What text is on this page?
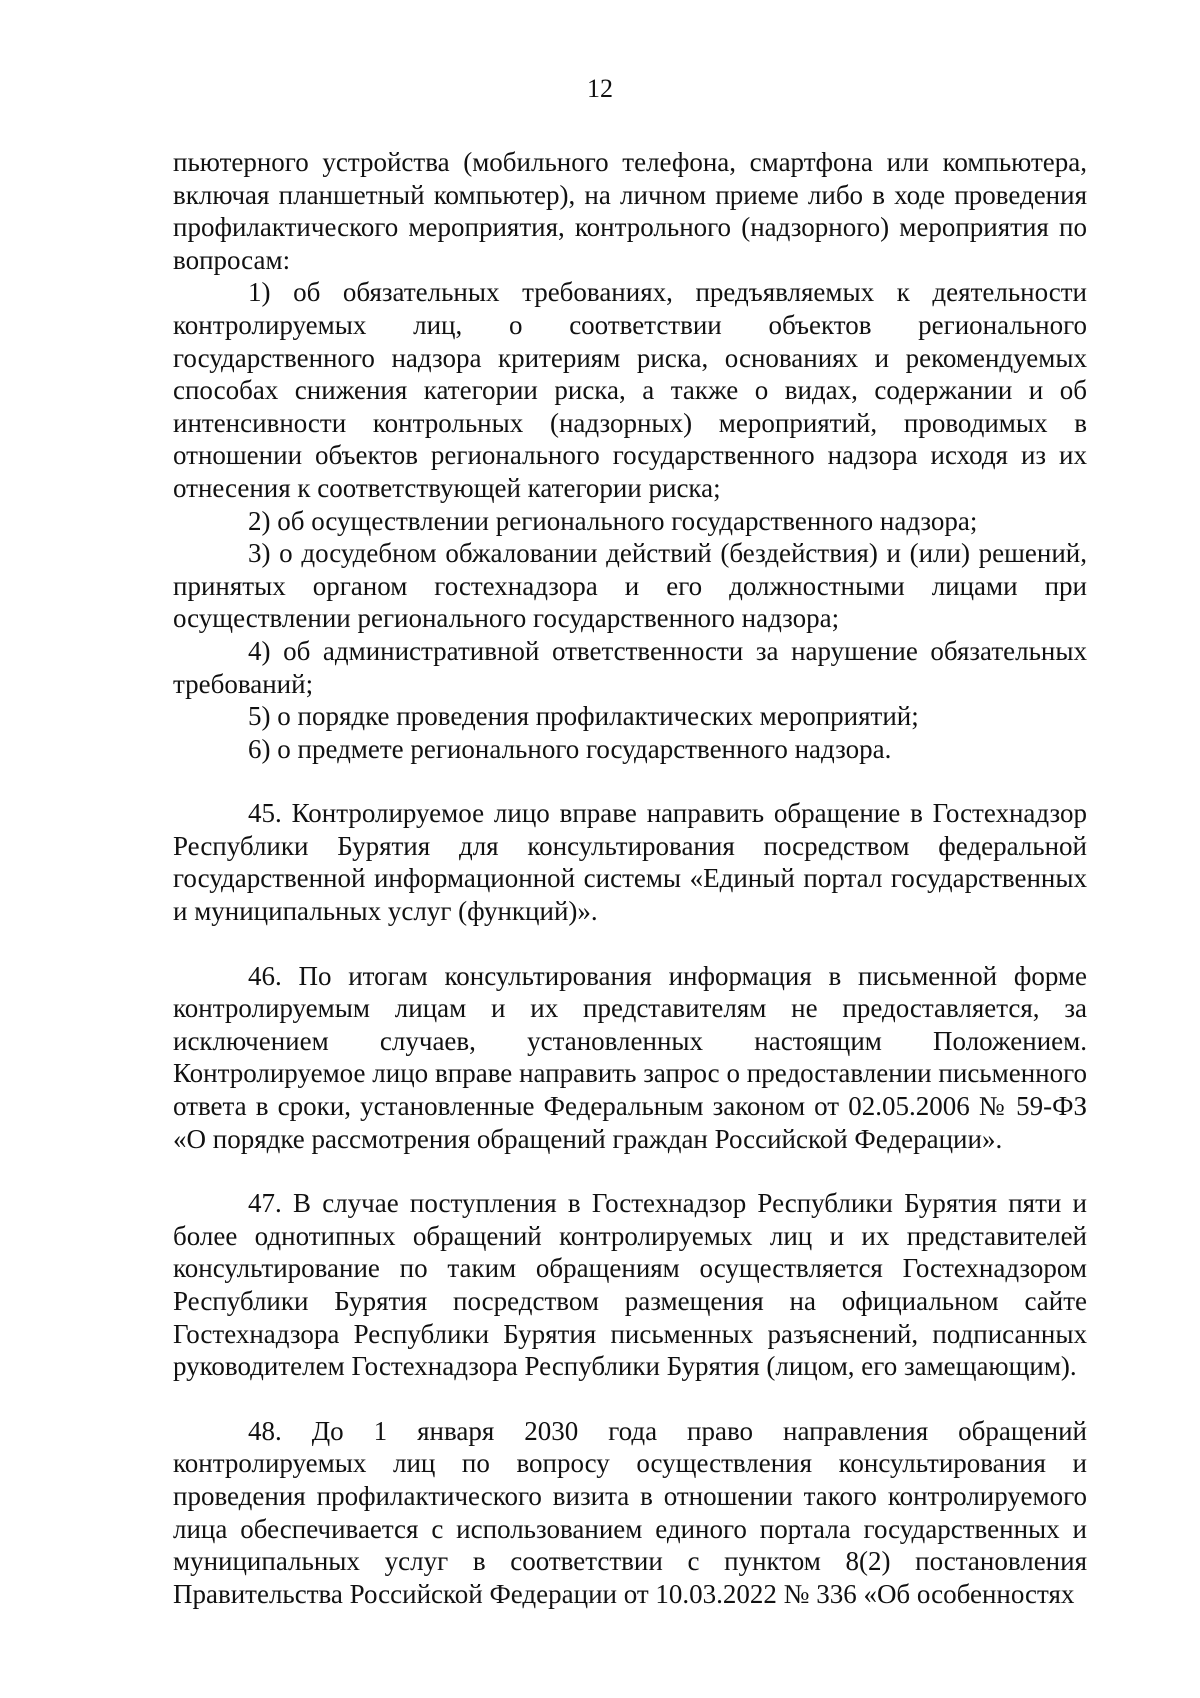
12

пьютерного устройства (мобильного телефона, смартфона или компьютера, включая планшетный компьютер), на личном приеме либо в ходе проведения профилактического мероприятия, контрольного (надзорного) мероприятия по вопросам:

1) об обязательных требованиях, предъявляемых к деятельности контролируемых лиц, о соответствии объектов регионального государственного надзора критериям риска, основаниях и рекомендуемых способах снижения категории риска, а также о видах, содержании и об интенсивности контрольных (надзорных) мероприятий, проводимых в отношении объектов регионального государственного надзора исходя из их отнесения к соответствующей категории риска;

2) об осуществлении регионального государственного надзора;

3) о досудебном обжаловании действий (бездействия) и (или) решений, принятых органом гостехнадзора и его должностными лицами при осуществлении регионального государственного надзора;

4) об административной ответственности за нарушение обязательных требований;

5) о порядке проведения профилактических мероприятий;

6) о предмете регионального государственного надзора.

45. Контролируемое лицо вправе направить обращение в Гостехнадзор Республики Бурятия для консультирования посредством федеральной государственной информационной системы «Единый портал государственных и муниципальных услуг (функций)».

46. По итогам консультирования информация в письменной форме контролируемым лицам и их представителям не предоставляется, за исключением случаев, установленных настоящим Положением. Контролируемое лицо вправе направить запрос о предоставлении письменного ответа в сроки, установленные Федеральным законом от 02.05.2006 № 59-ФЗ «О порядке рассмотрения обращений граждан Российской Федерации».

47. В случае поступления в Гостехнадзор Республики Бурятия пяти и более однотипных обращений контролируемых лиц и их представителей консультирование по таким обращениям осуществляется Гостехнадзором Республики Бурятия посредством размещения на официальном сайте Гостехнадзора Республики Бурятия письменных разъяснений, подписанных руководителем Гостехнадзора Республики Бурятия (лицом, его замещающим).

48. До 1 января 2030 года право направления обращений контролируемых лиц по вопросу осуществления консультирования и проведения профилактического визита в отношении такого контролируемого лица обеспечивается с использованием единого портала государственных и муниципальных услуг в соответствии с пунктом 8(2) постановления Правительства Российской Федерации от 10.03.2022 № 336 «Об особенностях
